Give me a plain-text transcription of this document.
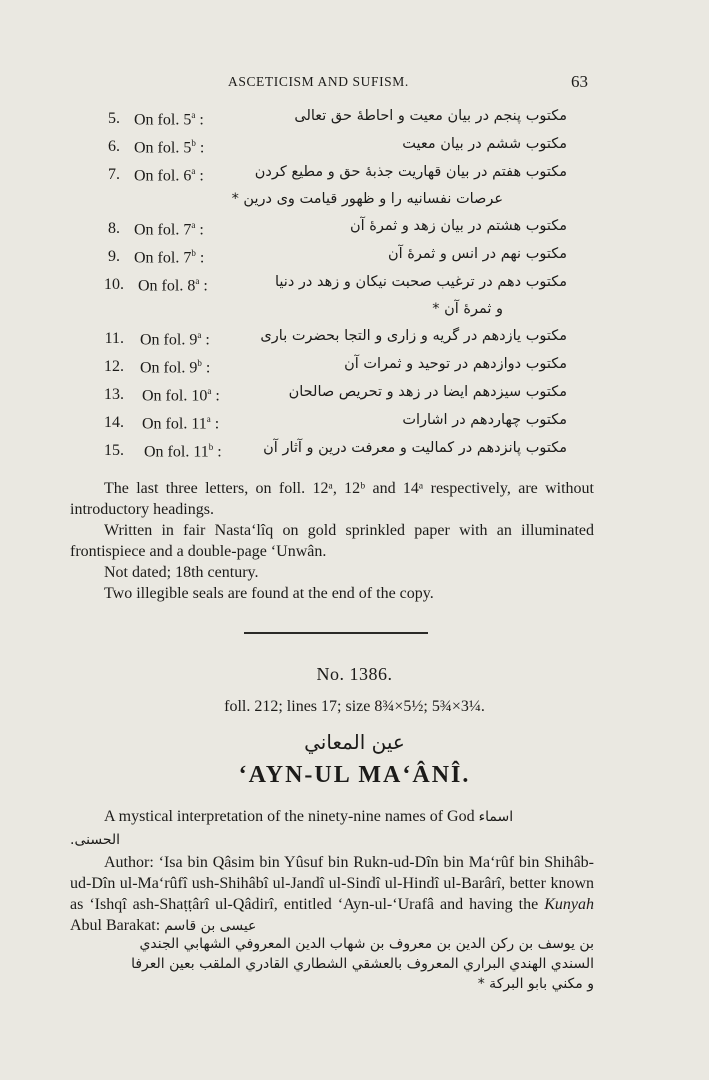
ASCETICISM AND SUFISM.	63
5. On fol. 5$^a$ :	مکتوب پنجم در بیان معیت و احاطهٔ حق تعالی
6. On fol. 5$^b$ :	مکتوب ششم در بیان معیت
7. On fol. 6$^a$ :	مکتوب هفتم در بیان قهاریت جذبهٔ حق و مطیع کردن
عرصات نفسانیه را و ظهور قیامت وی درین *
8. On fol. 7$^a$ :	مکتوب هشتم در بیان زهد و ثمرهٔ آن
9. On fol. 7$^b$ :	مکتوب نهم در انس و ثمرهٔ آن
10. On fol. 8$^a$ :	مکتوب دهم در ترغیب صحبت نیکان و زهد در دنیا
و ثمرهٔ آن *
11. On fol. 9$^a$ :	مکتوب یازدهم در گریه و زاری و التجا بحضرت باری
12. On fol. 9$^b$ :	مکتوب دوازدهم در توحید و ثمرات آن
13. On fol. 10$^a$ :	مکتوب سیزدهم ایضا در زهد و تحریص صالحان
14. On fol. 11$^a$ :	مکتوب چهاردهم در اشارات
15. On fol. 11$^b$ :	مکتوب پانزدهم در کمالیت و معرفت درین و آثار آن

The last three letters, on foll. 12ᵃ, 12ᵇ and 14ᵃ respectively, are without introductory headings.

Written in fair Nasta‘lîq on gold sprinkled paper with an illuminated frontispiece and a double-page ‘Unwân.

Not dated; 18th century.

Two illegible seals are found at the end of the copy.

No. 1386.
foll. 212; lines 17; size 8¾×5½; 5¾×3¼.
عين المعاني
‘AYN-UL MA‘ÂNÎ.

A mystical interpretation of the ninety-nine names of God اسماء

الحسنى.

Author: ‘Isa bin Qâsim bin Yûsuf bin Rukn-ud-Dîn bin Ma‘rûf bin Shihâb-ud-Dîn ul-Ma‘rûfî ush-Shihâbî ul-Jandî ul-Sindî ul-Hindî ul-Barârî, better known as ‘Ishqî ash-Shaṭṭârî ul-Qâdirî, entitled ‘Ayn-ul-‘Urafâ and having the Kunyah Abul Barakat: عيسى بن قاسم

بن يوسف بن ركن الدين بن معروف بن شهاب الدين المعروفي الشهابي الجندي
السندي الهندي البراري المعروف بالعشقي الشطاري القادري الملقب بعين العرفا
و مكني بابو البركة *
